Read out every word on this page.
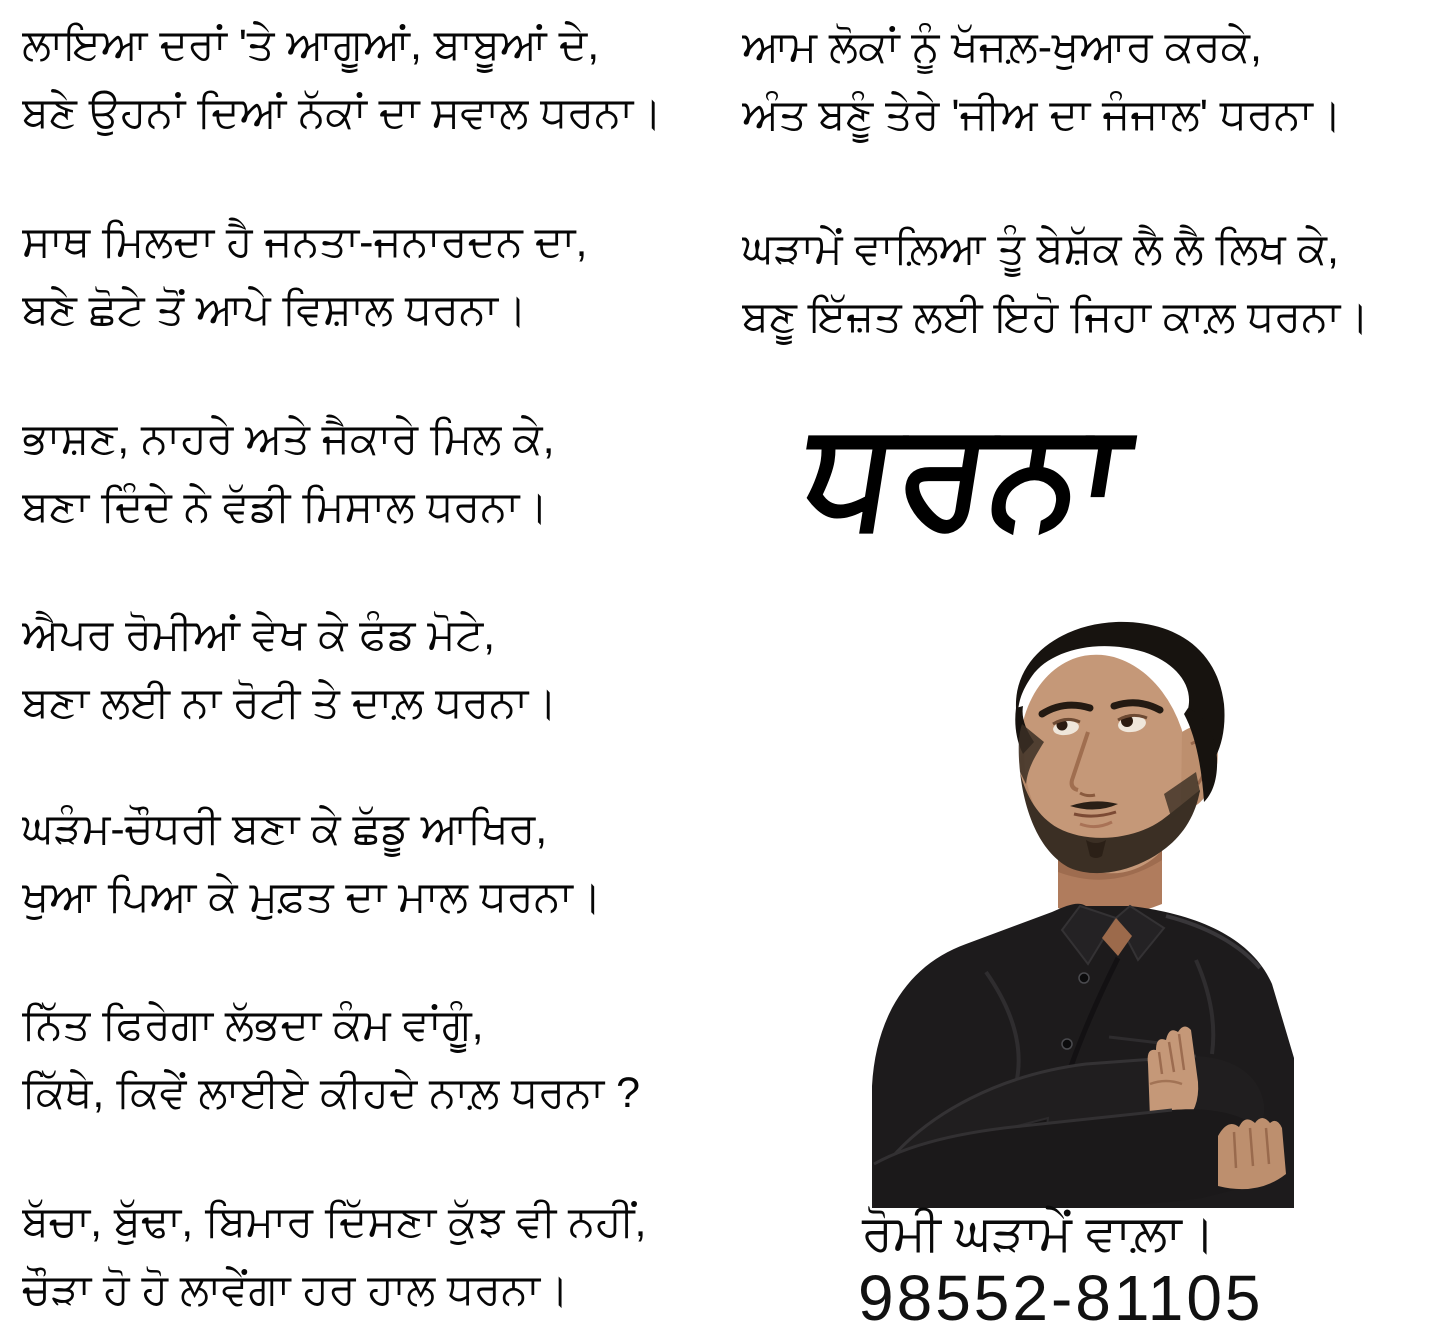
ਲਾਇਆ ਦਰਾਂ 'ਤੇ ਆਗੂਆਂ, ਬਾਬੂਆਂ ਦੇ,
ਬਣੇ ਉਹਨਾਂ ਦਿਆਂ ਨੱਕਾਂ ਦਾ ਸਵਾਲ ਧਰਨਾ।
ਸਾਥ ਮਿਲਦਾ ਹੈ ਜਨਤਾ-ਜਨਾਰਦਨ ਦਾ,
ਬਣੇ ਛੋਟੇ ਤੋਂ ਆਪੇ ਵਿਸ਼ਾਲ ਧਰਨਾ।
ਭਾਸ਼ਣ, ਨਾਹਰੇ ਅਤੇ ਜੈਕਾਰੇ ਮਿਲ ਕੇ,
ਬਣਾ ਦਿੰਦੇ ਨੇ ਵੱਡੀ ਮਿਸਾਲ ਧਰਨਾ।
ਐਪਰ ਰੋਮੀਆਂ ਵੇਖ ਕੇ ਫੰਡ ਮੋਟੇ,
ਬਣਾ ਲਈ ਨਾ ਰੋਟੀ ਤੇ ਦਾਲ਼ ਧਰਨਾ।
ਘੜੰਮ-ਚੌਧਰੀ ਬਣਾ ਕੇ ਛੱਡੂ ਆਖਿਰ,
ਖੁਆ ਪਿਆ ਕੇ ਮੁਫ਼ਤ ਦਾ ਮਾਲ ਧਰਨਾ।
ਨਿੱਤ ਫਿਰੇਗਾ ਲੱਭਦਾ ਕੰਮ ਵਾਂਗੂੰ,
ਕਿੱਥੇ, ਕਿਵੇਂ ਲਾਈਏ ਕੀਹਦੇ ਨਾਲ਼ ਧਰਨਾ ?
ਬੱਚਾ, ਬੁੱਢਾ, ਬਿਮਾਰ ਦਿੱਸਣਾ ਕੁੱਝ ਵੀ ਨਹੀਂ,
ਚੌੜਾ ਹੋ ਹੋ ਲਾਵੇਂਗਾ ਹਰ ਹਾਲ ਧਰਨਾ।
ਆਮ ਲੋਕਾਂ ਨੂੰ ਖੱਜਲ਼-ਖੁਆਰ ਕਰਕੇ,
ਅੰਤ ਬਣੂੰ ਤੇਰੇ 'ਜੀਅ ਦਾ ਜੰਜਾਲ' ਧਰਨਾ।
ਘੜਾਮੇਂ ਵਾਲ਼ਿਆ ਤੂੰ ਬੇਸ਼ੱਕ ਲੈ ਲੈ ਲਿਖ ਕੇ,
ਬਣੂ ਇੱਜ਼ਤ ਲਈ ਇਹੋ ਜਿਹਾ ਕਾਲ਼ ਧਰਨਾ।
ਧਰਨਾ
ਰੋਮੀ ਘੜਾਮੇਂ ਵਾਲ਼ਾ।
98552-81105
